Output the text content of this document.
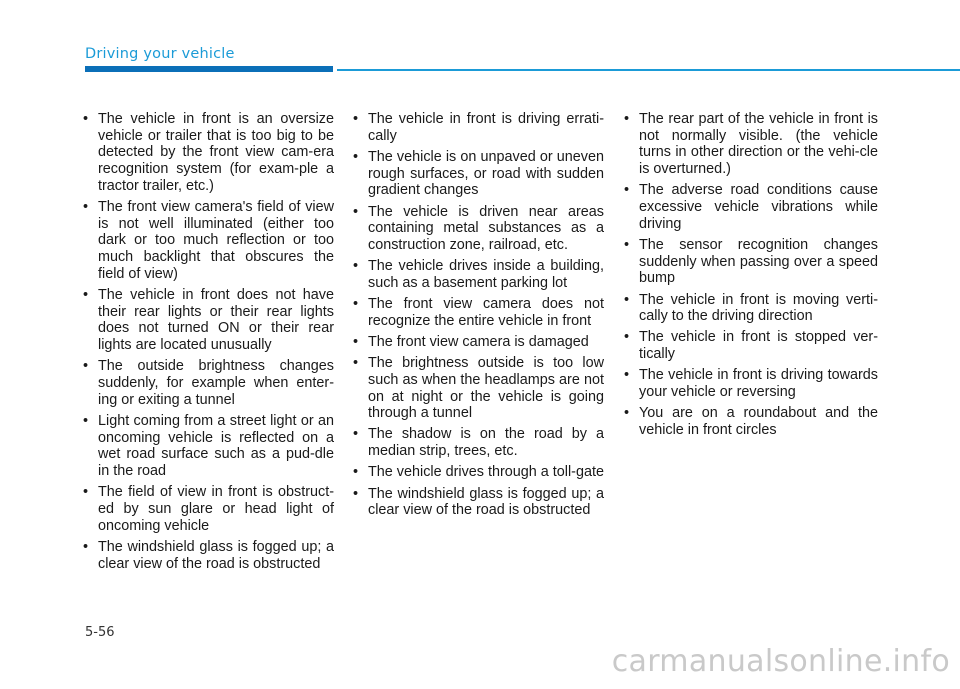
Driving your vehicle
• The vehicle in front is an oversize vehicle or trailer that is too big to be detected by the front view cam-era recognition system (for exam-ple a tractor trailer, etc.)
• The front view camera's field of view is not well illuminated (either too dark or too much reflection or too much backlight that obscures the field of view)
• The vehicle in front does not have their rear lights or their rear lights does not turned ON or their rear lights are located unusually
• The outside brightness changes suddenly, for example when enter-ing or exiting a tunnel
• Light coming from a street light or an oncoming vehicle is reflected on a wet road surface such as a pud-dle in the road
• The field of view in front is obstruct-ed by sun glare or head light of oncoming vehicle
• The windshield glass is fogged up; a clear view of the road is obstructed
• The vehicle in front is driving errati-cally
• The vehicle is on unpaved or uneven rough surfaces, or road with sudden gradient changes
• The vehicle is driven near areas containing metal substances as a construction zone, railroad, etc.
• The vehicle drives inside a building, such as a basement parking lot
• The front view camera does not recognize the entire vehicle in front
• The front view camera is damaged
• The brightness outside is too low such as when the headlamps are not on at night or the vehicle is going through a tunnel
• The shadow is on the road by a median strip, trees, etc.
• The vehicle drives through a toll-gate
• The windshield glass is fogged up; a clear view of the road is obstructed
• The rear part of the vehicle in front is not normally visible. (the vehicle turns in other direction or the vehi-cle is overturned.)
• The adverse road conditions cause excessive vehicle vibrations while driving
• The sensor recognition changes suddenly when passing over a speed bump
• The vehicle in front is moving verti-cally to the driving direction
• The vehicle in front is stopped ver-tically
• The vehicle in front is driving towards your vehicle or reversing
• You are on a roundabout and the vehicle in front circles
5-56
carmanualsonline.info
